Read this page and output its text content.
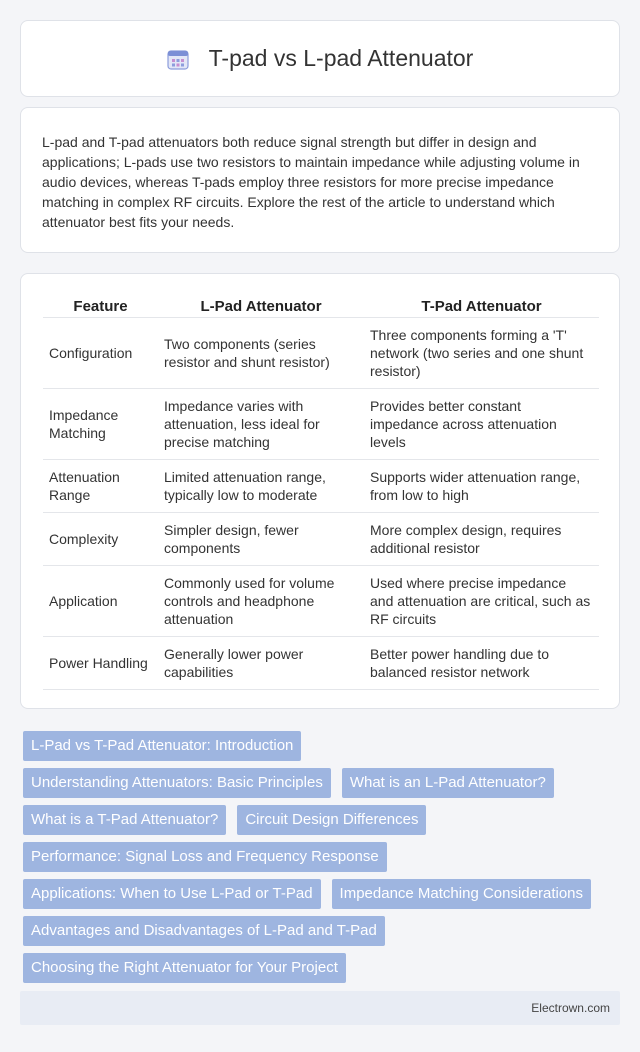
T-pad vs L-pad Attenuator
L-pad and T-pad attenuators both reduce signal strength but differ in design and applications; L-pads use two resistors to maintain impedance while adjusting volume in audio devices, whereas T-pads employ three resistors for more precise impedance matching in complex RF circuits. Explore the rest of the article to understand which attenuator best fits your needs.
Feature	L-Pad Attenuator	T-Pad Attenuator
Configuration	Two components (series resistor and shunt resistor)	Three components forming a 'T' network (two series and one shunt resistor)
Impedance Matching	Impedance varies with attenuation, less ideal for precise matching	Provides better constant impedance across attenuation levels
Attenuation Range	Limited attenuation range, typically low to moderate	Supports wider attenuation range, from low to high
Complexity	Simpler design, fewer components	More complex design, requires additional resistor
Application	Commonly used for volume controls and headphone attenuation	Used where precise impedance and attenuation are critical, such as RF circuits
Power Handling	Generally lower power capabilities	Better power handling due to balanced resistor network
L-Pad vs T-Pad Attenuator: Introduction
Understanding Attenuators: Basic Principles	What is an L-Pad Attenuator?
What is a T-Pad Attenuator?	Circuit Design Differences
Performance: Signal Loss and Frequency Response
Applications: When to Use L-Pad or T-Pad	Impedance Matching Considerations
Advantages and Disadvantages of L-Pad and T-Pad
Choosing the Right Attenuator for Your Project
Electrown.com
